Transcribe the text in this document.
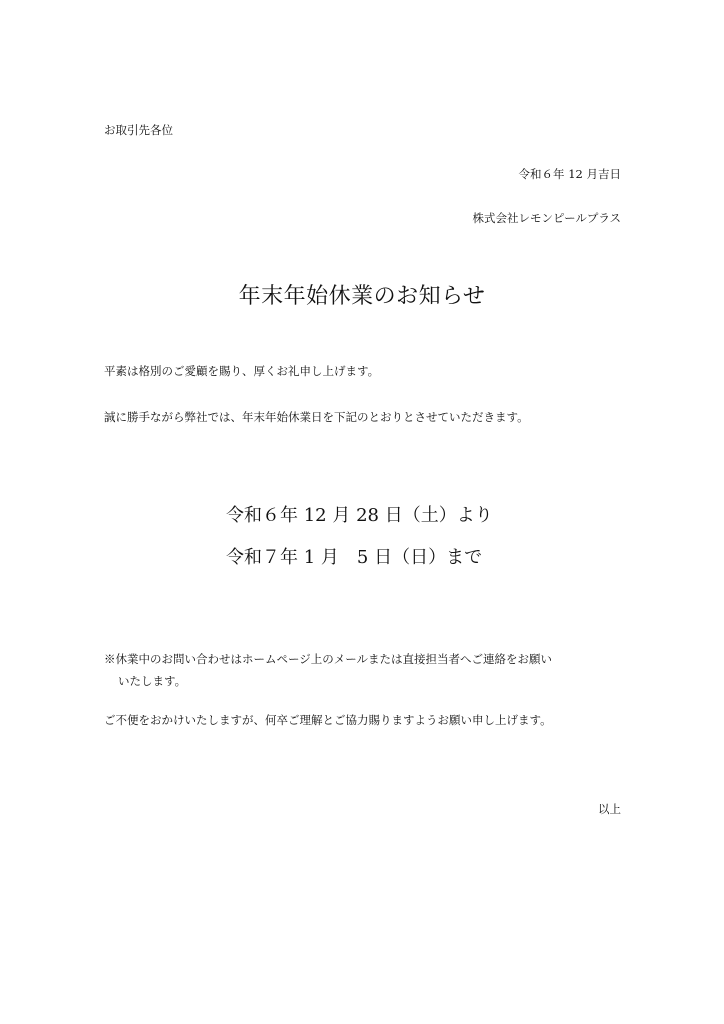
お取引先各位
令和６年 12 月吉日
株式会社レモンピールプラス
年末年始休業のお知らせ
平素は格別のご愛顧を賜り、厚くお礼申し上げます。
誠に勝手ながら弊社では、年末年始休業日を下記のとおりとさせていただきます。
令和６年 12 月 28 日（土）より
令和７年 1 月　5 日（日）まで
※休業中のお問い合わせはホームページ上のメールまたは直接担当者へご連絡をお願い
いたします。
ご不便をおかけいたしますが、何卒ご理解とご協力賜りますようお願い申し上げます。
以上
